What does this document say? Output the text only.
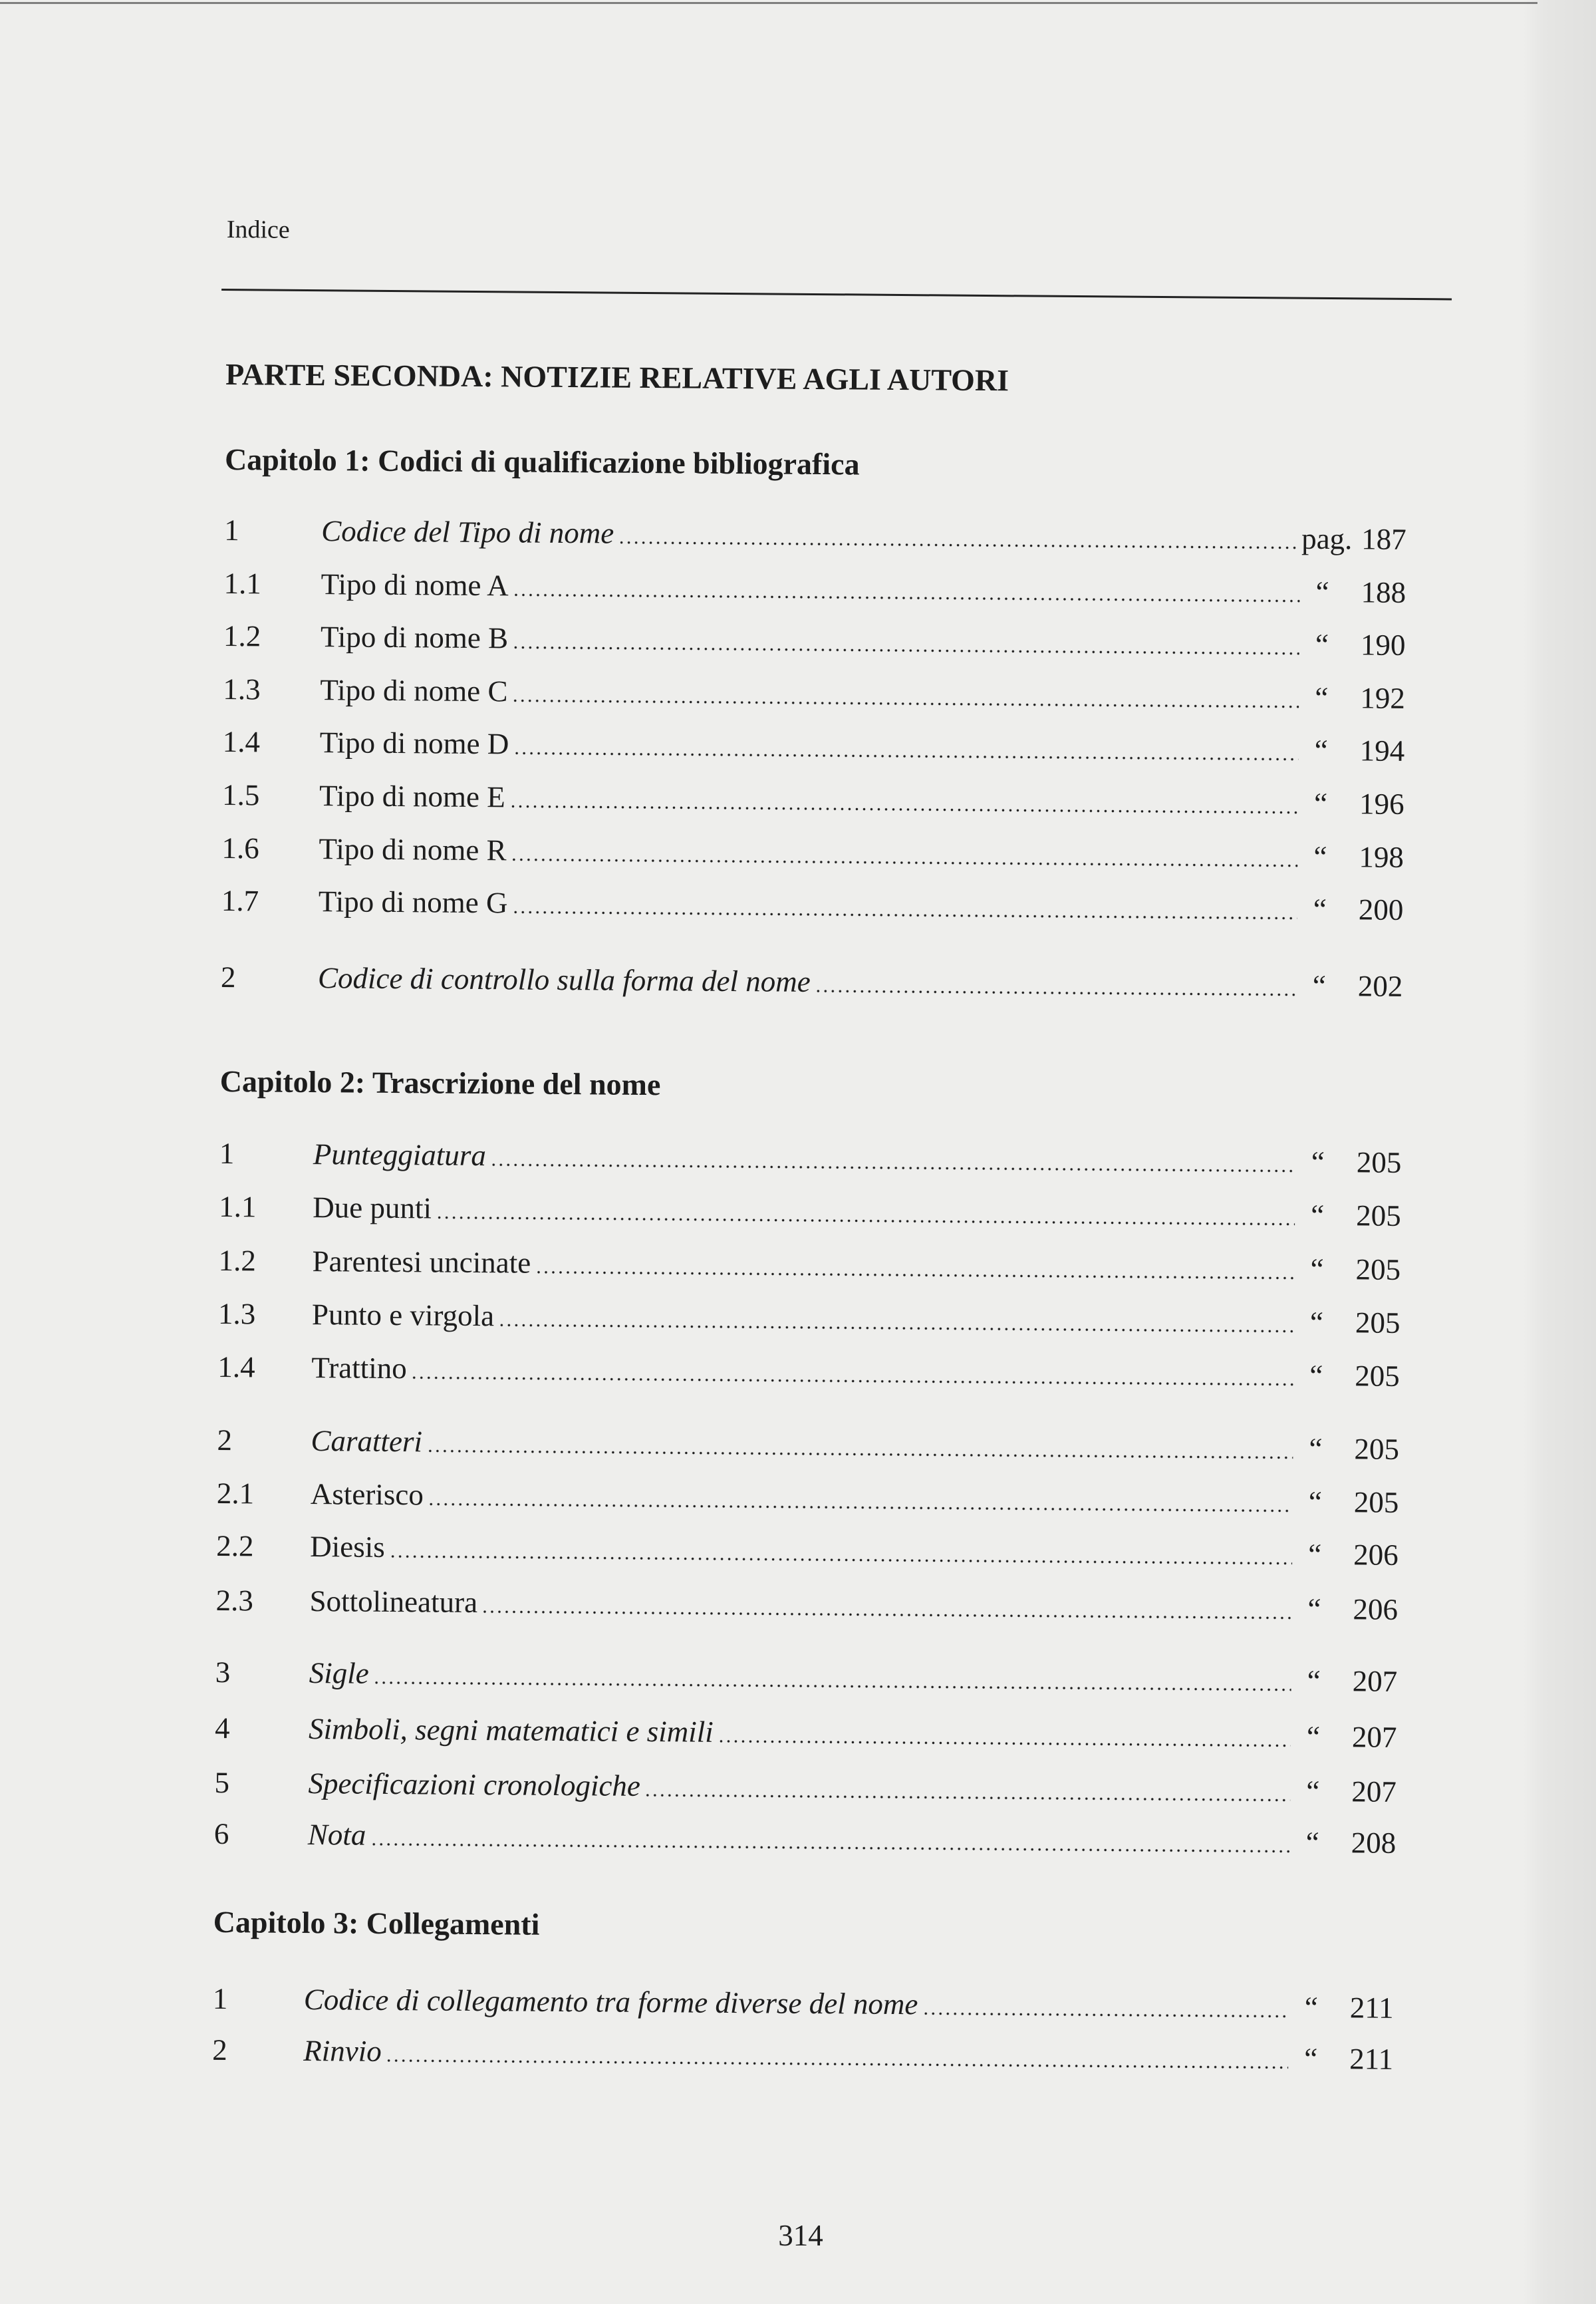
Indice
PARTE SECONDA: NOTIZIE RELATIVE AGLI AUTORI
Capitolo 1: Codici di qualificazione bibliografica
1	Codice del Tipo di nome	pag. 187
1.1	Tipo di nome A	“	188
1.2	Tipo di nome B	“	190
1.3	Tipo di nome C	“	192
1.4	Tipo di nome D	“	194
1.5	Tipo di nome E	“	196
1.6	Tipo di nome R	“	198
1.7	Tipo di nome G	“	200
2	Codice di controllo sulla forma del nome	“	202
Capitolo 2: Trascrizione del nome
1	Punteggiatura	“	205
1.1	Due punti	“	205
1.2	Parentesi uncinate	“	205
1.3	Punto e virgola	“	205
1.4	Trattino	“	205
2	Caratteri	“	205
2.1	Asterisco	“	205
2.2	Diesis	“	206
2.3	Sottolineatura	“	206
3	Sigle	“	207
4	Simboli, segni matematici e simili	“	207
5	Specificazioni cronologiche	“	207
6	Nota	“	208
Capitolo 3: Collegamenti
1	Codice di collegamento tra forme diverse del nome	“	211
2	Rinvio	“	211
314
